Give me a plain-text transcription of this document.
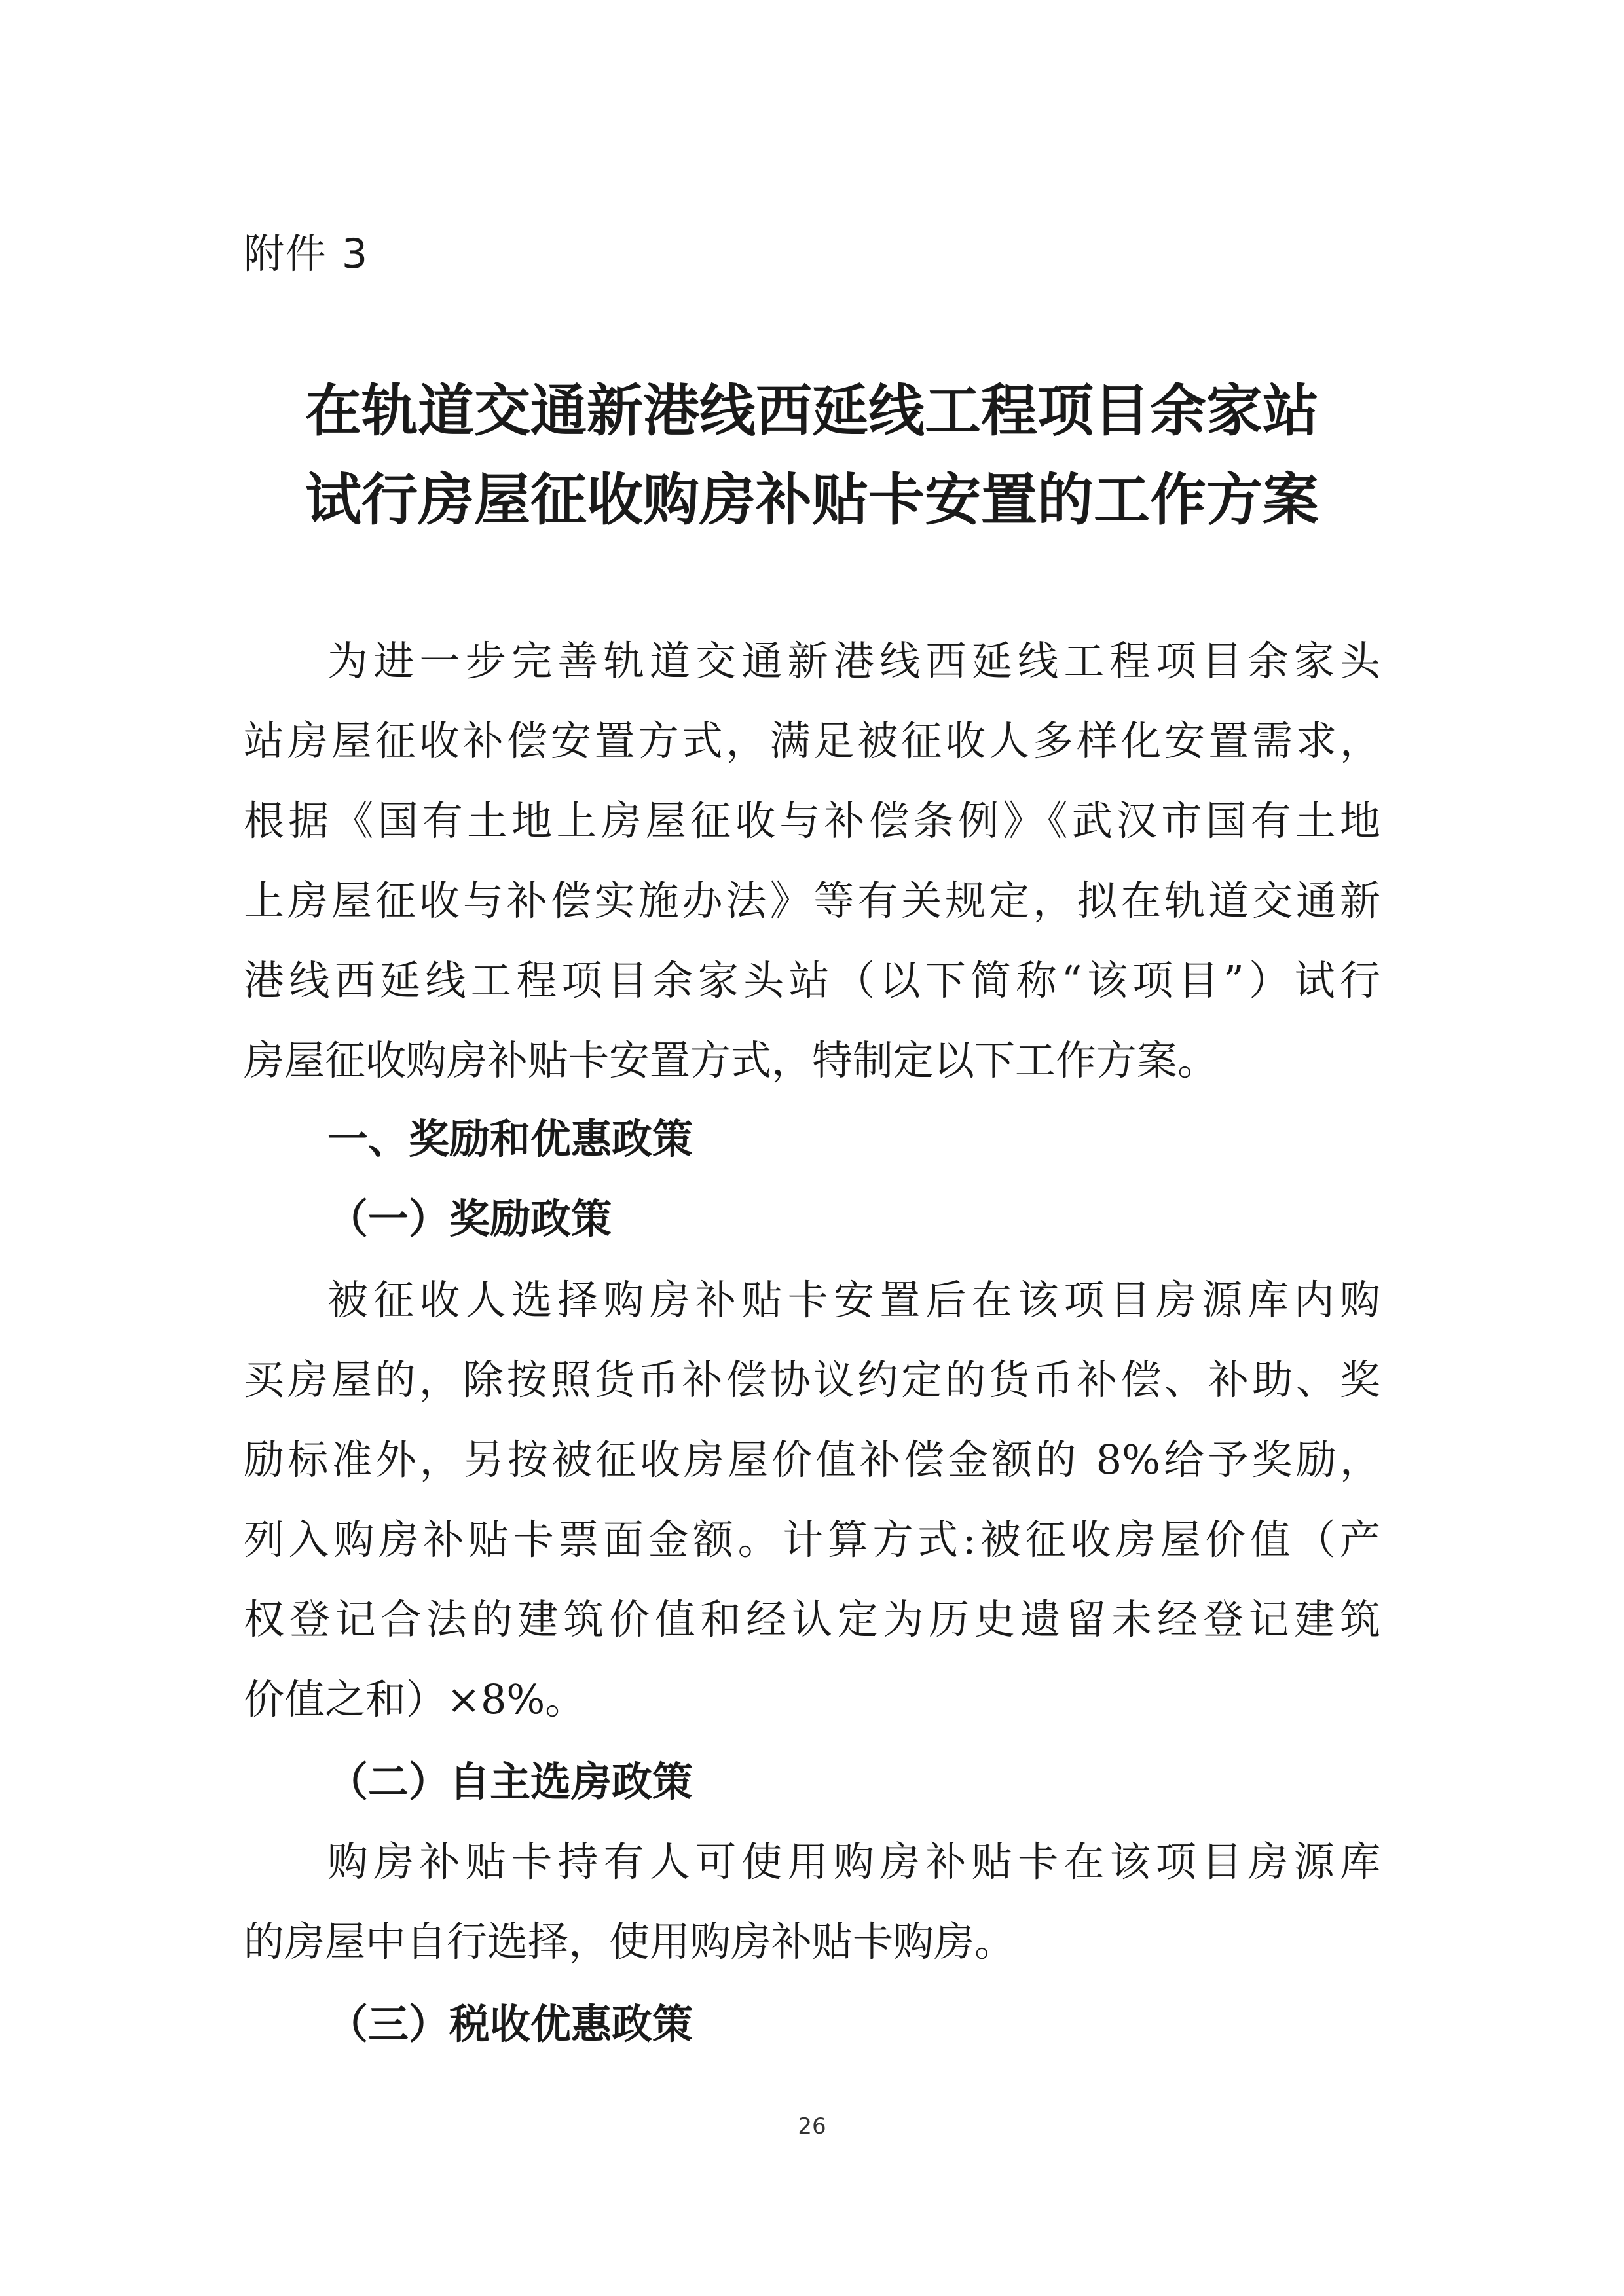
附件 3
在轨道交通新港线西延线工程项目余家站
试行房屋征收购房补贴卡安置的工作方案
为进一步完善轨道交通新港线西延线工程项目余家头
站房屋征收补偿安置方式，满足被征收人多样化安置需求，
根据《国有土地上房屋征收与补偿条例》《武汉市国有土地
上房屋征收与补偿实施办法》等有关规定，拟在轨道交通新
港线西延线工程项目余家头站（以下简称“该项目”）试行
房屋征收购房补贴卡安置方式，特制定以下工作方案。
一、奖励和优惠政策
（一）奖励政策
被征收人选择购房补贴卡安置后在该项目房源库内购
买房屋的，除按照货币补偿协议约定的货币补偿、补助、奖
励标准外，另按被征收房屋价值补偿金额的 8%给予奖励，
列入购房补贴卡票面金额。计算方式:被征收房屋价值（产
权登记合法的建筑价值和经认定为历史遗留未经登记建筑
价值之和）×8%。
（二）自主选房政策
购房补贴卡持有人可使用购房补贴卡在该项目房源库
的房屋中自行选择，使用购房补贴卡购房。
（三）税收优惠政策
26
